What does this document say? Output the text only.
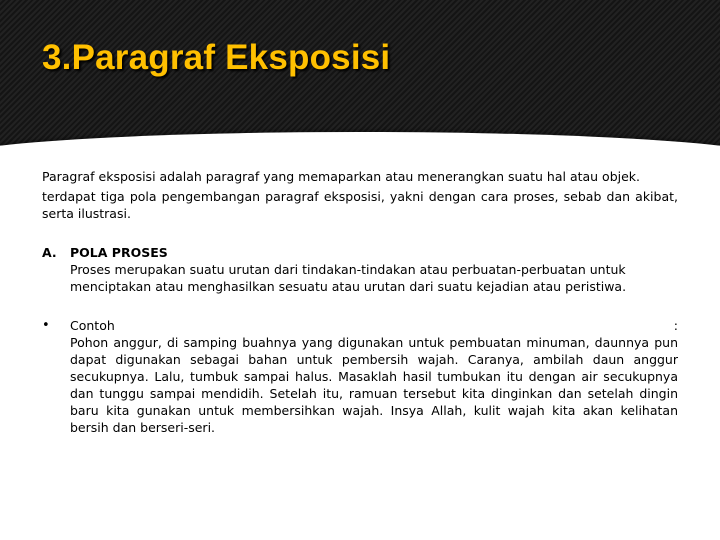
3.Paragraf Eksposisi

Paragraf eksposisi adalah paragraf yang memaparkan atau menerangkan suatu hal atau objek.

terdapat tiga pola pengembangan paragraf eksposisi, yakni dengan cara proses, sebab dan akibat, serta ilustrasi.

A.	POLA PROSES
Proses merupakan suatu urutan dari tindakan-tindakan atau perbuatan-perbuatan untuk menciptakan atau menghasilkan sesuatu atau urutan dari suatu kejadian atau peristiwa.
•	Contoh	:
Pohon anggur, di samping buahnya yang digunakan untuk pembuatan minuman, daunnya pun dapat digunakan sebagai bahan untuk pembersih wajah. Caranya, ambilah daun anggur secukupnya. Lalu, tumbuk sampai halus. Masaklah hasil tumbukan itu dengan air secukupnya dan tunggu sampai mendidih. Setelah itu, ramuan tersebut kita dinginkan dan setelah dingin baru kita gunakan untuk membersihkan wajah. Insya Allah, kulit wajah kita akan kelihatan bersih dan berseri-seri.
